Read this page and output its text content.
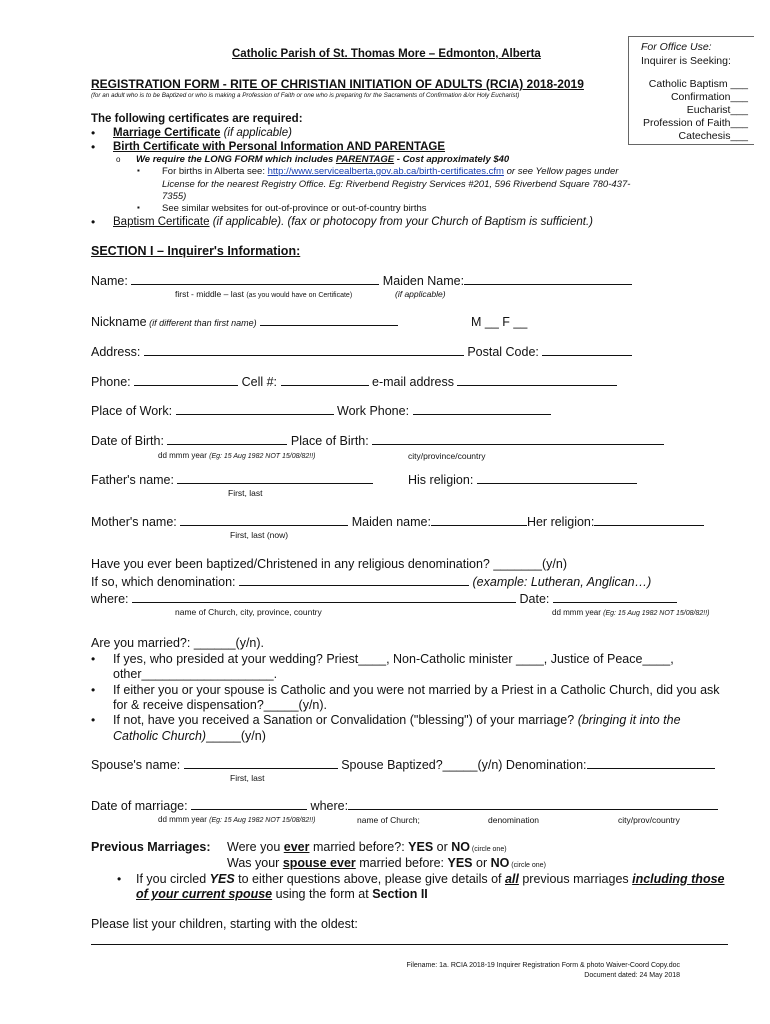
Catholic Parish of St. Thomas More – Edmonton, Alberta
For Office Use:
Inquirer is Seeking:
Catholic Baptism ___
Confirmation___
Eucharist___
Profession of Faith___
Catechesis___
REGISTRATION FORM - RITE OF CHRISTIAN INITIATION OF ADULTS (RCIA) 2018-2019
(for an adult who is to be Baptized or who is making a Profession of Faith or one who is preparing for the Sacraments of Confirmation &/or Holy Eucharist)
The following certificates are required:
• Marriage Certificate (if applicable)
• Birth Certificate with Personal Information AND PARENTAGE
o We require the LONG FORM which includes PARENTAGE - Cost approximately $40
▪ For births in Alberta see: http://www.servicealberta.gov.ab.ca/birth-certificates.cfm or see Yellow pages under
License for the nearest Registry Office. Eg: Riverbend Registry Services #201, 596 Riverbend Square 780-437-
7355)
▪ See similar websites for out-of-province or out-of-country births
• Baptism Certificate (if applicable). (fax or photocopy from your Church of Baptism is sufficient.)
SECTION I – Inquirer's Information:
Name:	Maiden Name:
first - middle – last (as you would have on Certificate)	(if applicable)
Nickname (if different than first name)	M __ F __
Address:	Postal Code:
Phone:	Cell #:	e-mail address
Place of Work:	Work Phone:
Date of Birth:	Place of Birth:
dd mmm year (Eg: 15 Aug 1982 NOT 15/08/82!!)	city/province/country
Father's name:	His religion:
First, last
Mother's name:	Maiden name:	Her religion:
First, last (now)
Have you ever been baptized/Christened in any religious denomination? _______(y/n)
If so, which denomination:	(example: Lutheran, Anglican…)
where:	Date:
name of Church, city, province, country	dd mmm year (Eg: 15 Aug 1982 NOT 15/08/82!!)
Are you married?: ______(y/n).
• If yes, who presided at your wedding? Priest____, Non-Catholic minister ____, Justice of Peace____,
other___________________.
• If either you or your spouse is Catholic and you were not married by a Priest in a Catholic Church, did you ask
for & receive dispensation?_____(y/n).
• If not, have you received a Sanation or Convalidation ("blessing") of your marriage? (bringing it into the
Catholic Church)_____(y/n)
Spouse's name:	Spouse Baptized?_____(y/n) Denomination:
First, last
Date of marriage:	where:
dd mmm year (Eg: 15 Aug 1982 NOT 15/08/82!!)	name of Church;	denomination	city/prov/country
Previous Marriages: Were you ever married before?: YES or NO (circle one)
Was your spouse ever married before: YES or NO (circle one)
• If you circled YES to either questions above, please give details of all previous marriages including those
of your current spouse using the form at Section II
Please list your children, starting with the oldest:
Filename: 1a. RCIA 2018-19 Inquirer Registration Form & photo Waiver-Coord Copy.doc
Document dated: 24 May 2018
